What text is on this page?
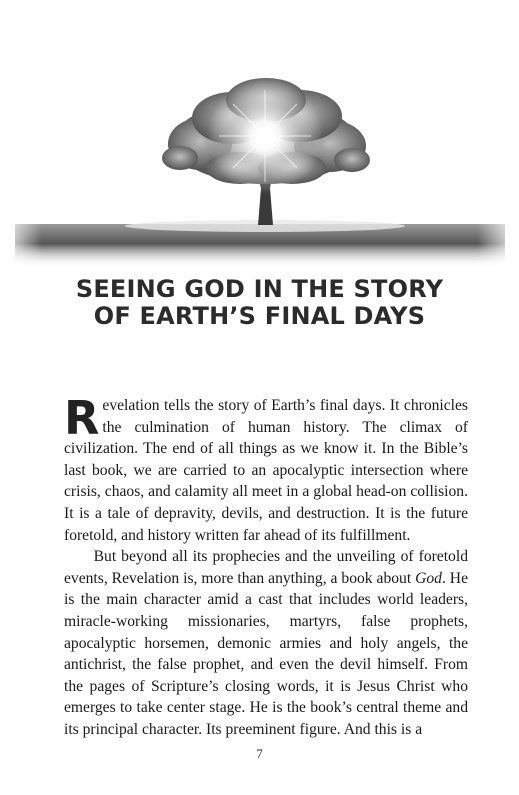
SEEING GOD IN THE STORY
OF EARTH’S FINAL DAYS

Revelation tells the story of Earth’s final days. It chronicles the culmination of human history. The climax of civilization. The end of all things as we know it. In the Bible’s last book, we are carried to an apocalyptic intersection where crisis, chaos, and calamity all meet in a global head-on collision. It is a tale of depravity, devils, and destruction. It is the future foretold, and history written far ahead of its fulfillment.

But beyond all its prophecies and the unveiling of foretold events, Revelation is, more than anything, a book about God. He is the main character amid a cast that includes world leaders, miracle-working missionaries, martyrs, false prophets, apocalyptic horsemen, demonic armies and holy angels, the antichrist, the false prophet, and even the devil himself. From the pages of Scripture’s closing words, it is Jesus Christ who emerges to take center stage. He is the book’s central theme and its principal character. Its preeminent figure. And this is a

7
